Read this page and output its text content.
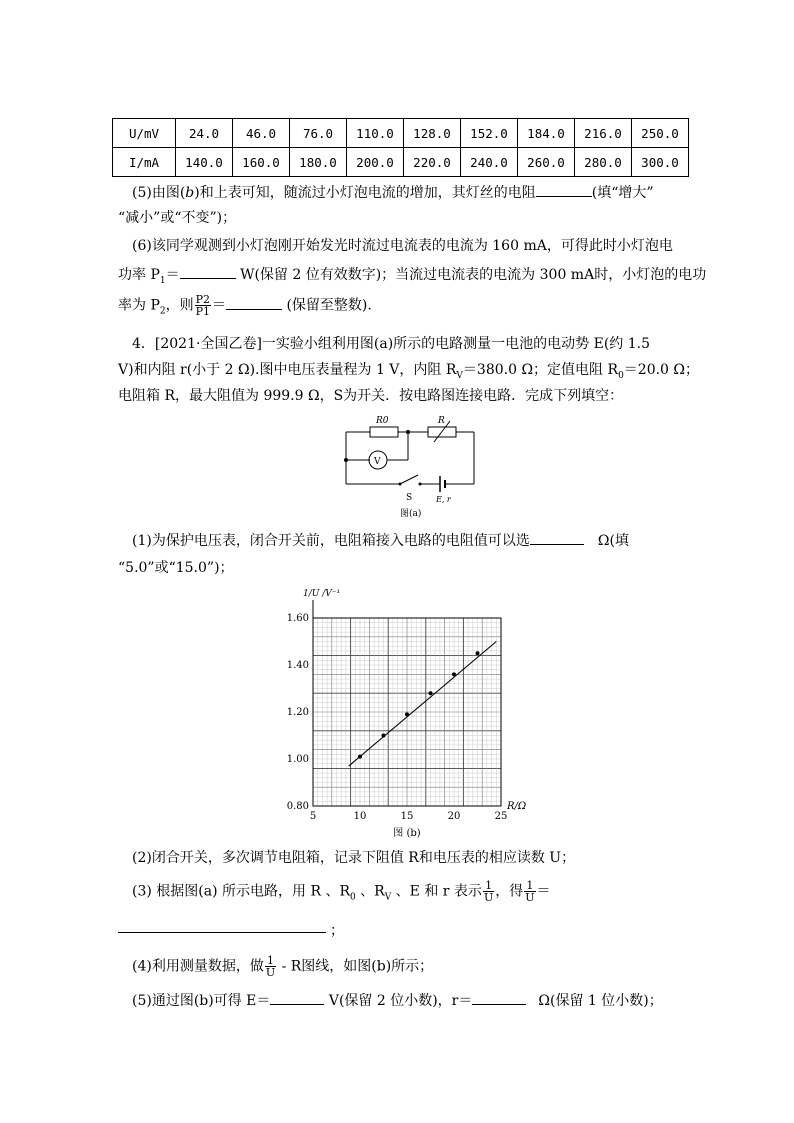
U/mV	24.0	46.0	76.0	110.0	128.0	152.0	184.0	216.0	250.0
I/mA	140.0	160.0	180.0	200.0	220.0	240.0	260.0	280.0	300.0
(5)由图(b)和上表可知，随流过小灯泡电流的增加，其灯丝的电阻	(填“增大”
“减小”或“不变”)；
(6)该同学观测到小灯泡刚开始发光时流过电流表的电流为 160 mA，可得此时小灯泡电
功率 $P_1=$	W(保留 2 位有效数字)；当流过电流表的电流为 300 mA时，小灯泡的电功
率为 $P_2$，则 $\frac{P2}{P1}$ ＝	(保留至整数).
4．[2021·全国乙卷]一实验小组利用图(a)所示的电路测量一电池的电动势 E(约 1.5
V)和内阻 r(小于 2 Ω).图中电压表量程为 1 V，内阻 $R_V=380.0$ Ω；定值电阻 $R_0=20.0$ Ω；
电阻箱 R，最大阻值为 999.9 Ω，S为开关．按电路图连接电路．完成下列填空：
R0	R
V
S	E, r
图(a)
(1)为保护电压表，闭合开关前，电阻箱接入电路的电阻值可以选	Ω(填
“5.0”或“15.0”)；
5	10	15	20	25
0.80
1.00
1.20
1.40
1.60
R/Ω
1/U /V⁻¹
图 (b)
(2)闭合开关，多次调节电阻箱，记录下阻值 R和电压表的相应读数 U；
(3) 根据图(a) 所示电路，用 R 、$R_0$ 、$R_V$ 、E 和 r 表示 $\frac{1}{U}$ ，得 $\frac{1}{U}$ ＝
；
(4)利用测量数据，做 $\frac{1}{U}$ - R图线，如图(b)所示；
(5)通过图(b)可得 E＝	V(保留 2 位小数)，r＝	Ω(保留 1 位小数)；
